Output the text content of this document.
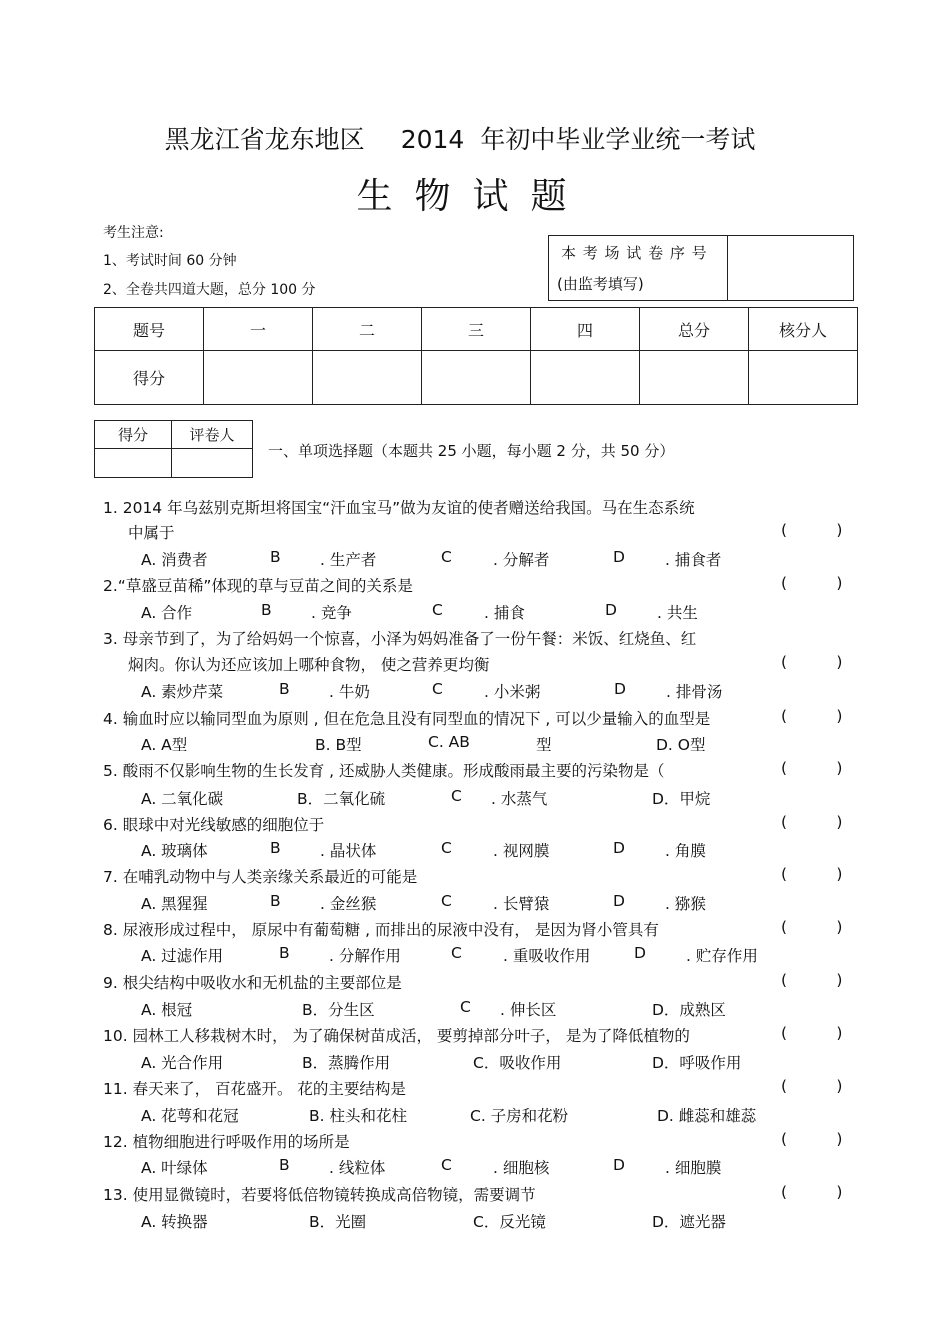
黑龙江省龙东地区 2014 年初中毕业学业统一考试
生物试题
考生注意:
1、考试时间 60 分钟
2、全卷共四道大题，总分 100 分
本 考 场 试 卷 序 号
(由监考填写)

题号	一	二	三	四	总分	核分人
得分						
得分	评卷人

一、单项选择题（本题共 25 小题，每小题 2 分，共 50 分）
1. 2014 年乌兹别克斯坦将国宝“汗血宝马”做为友谊的使者赠送给我国。马在生态系统
中属于	(          )
A. 消费者	B	. 生产者	C	. 分解者	D	. 捕食者
2.“草盛豆苗稀”体现的草与豆苗之间的关系是	(          )
A. 合作	B	. 竞争	C	. 捕食	D	. 共生
3. 母亲节到了，为了给妈妈一个惊喜，小泽为妈妈准备了一份午餐：米饭、红烧鱼、红
焖肉。你认为还应该加上哪种食物， 使之营养更均衡	(          )
A. 素炒芹菜	B	. 牛奶	C	. 小米粥	D	. 排骨汤
4. 输血时应以输同型血为原则 , 但在危急且没有同型血的情况下 , 可以少量输入的血型是	(          )
A. A型	B. B型	C. AB	型	D. O型
5. 酸雨不仅影响生物的生长发育 , 还威胁人类健康。形成酸雨最主要的污染物是（	(          )
A. 二氧化碳	B．二氧化硫	C . 水蒸气	D．甲烷
6. 眼球中对光线敏感的细胞位于	(          )
A. 玻璃体	B	. 晶状体	C	. 视网膜	D	. 角膜
7. 在哺乳动物中与人类亲缘关系最近的可能是	(          )
A. 黑猩猩	B	. 金丝猴	C	. 长臂猿	D	. 猕猴
8. 尿液形成过程中， 原尿中有葡萄糖 , 而排出的尿液中没有， 是因为肾小管具有	(          )
A. 过滤作用	B	. 分解作用	C	. 重吸收作用	D	. 贮存作用
9. 根尖结构中吸收水和无机盐的主要部位是	(          )
A. 根冠	B．分生区	C . 伸长区	D．成熟区
10. 园林工人移栽树木时， 为了确保树苗成活， 要剪掉部分叶子， 是为了降低植物的	(          )
A. 光合作用	B．蒸腾作用	C．吸收作用	D．呼吸作用
11. 春天来了， 百花盛开。 花的主要结构是	(          )
A. 花萼和花冠	B. 柱头和花柱	C. 子房和花粉	D. 雌蕊和雄蕊
12. 植物细胞进行呼吸作用的场所是	(          )
A. 叶绿体	B	. 线粒体	C	. 细胞核	D	. 细胞膜
13. 使用显微镜时，若要将低倍物镜转换成高倍物镜，需要调节	(          )
A. 转换器	B．光圈	C．反光镜	D．遮光器
